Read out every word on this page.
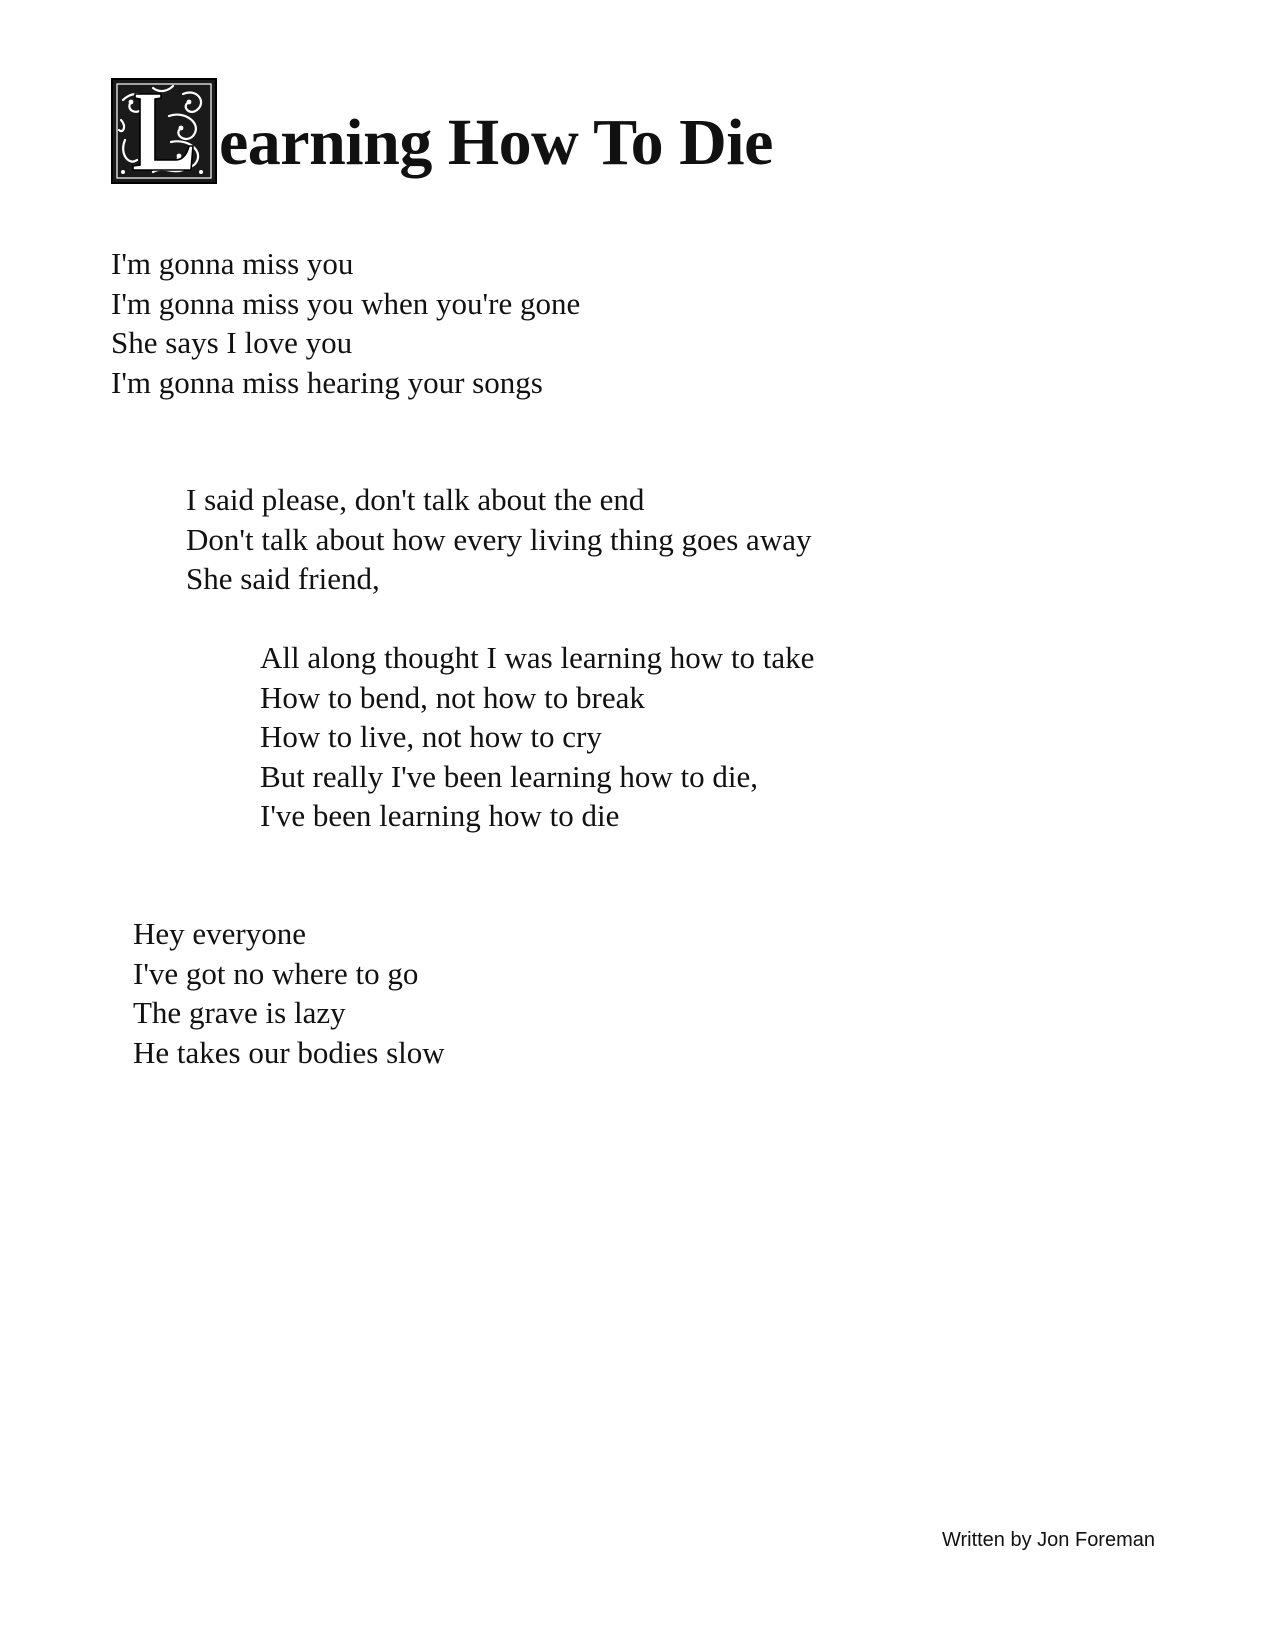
earning How To Die
I'm gonna miss you
I'm gonna miss you when you're gone
She says I love you
I'm gonna miss hearing your songs
I said please, don't talk about the end
Don't talk about how every living thing goes away
She said friend,
All along thought I was learning how to take
How to bend, not how to break
How to live, not how to cry
But really I've been learning how to die,
I've been learning how to die
Hey everyone
I've got no where to go
The grave is lazy
He takes our bodies slow
Written by Jon Foreman
